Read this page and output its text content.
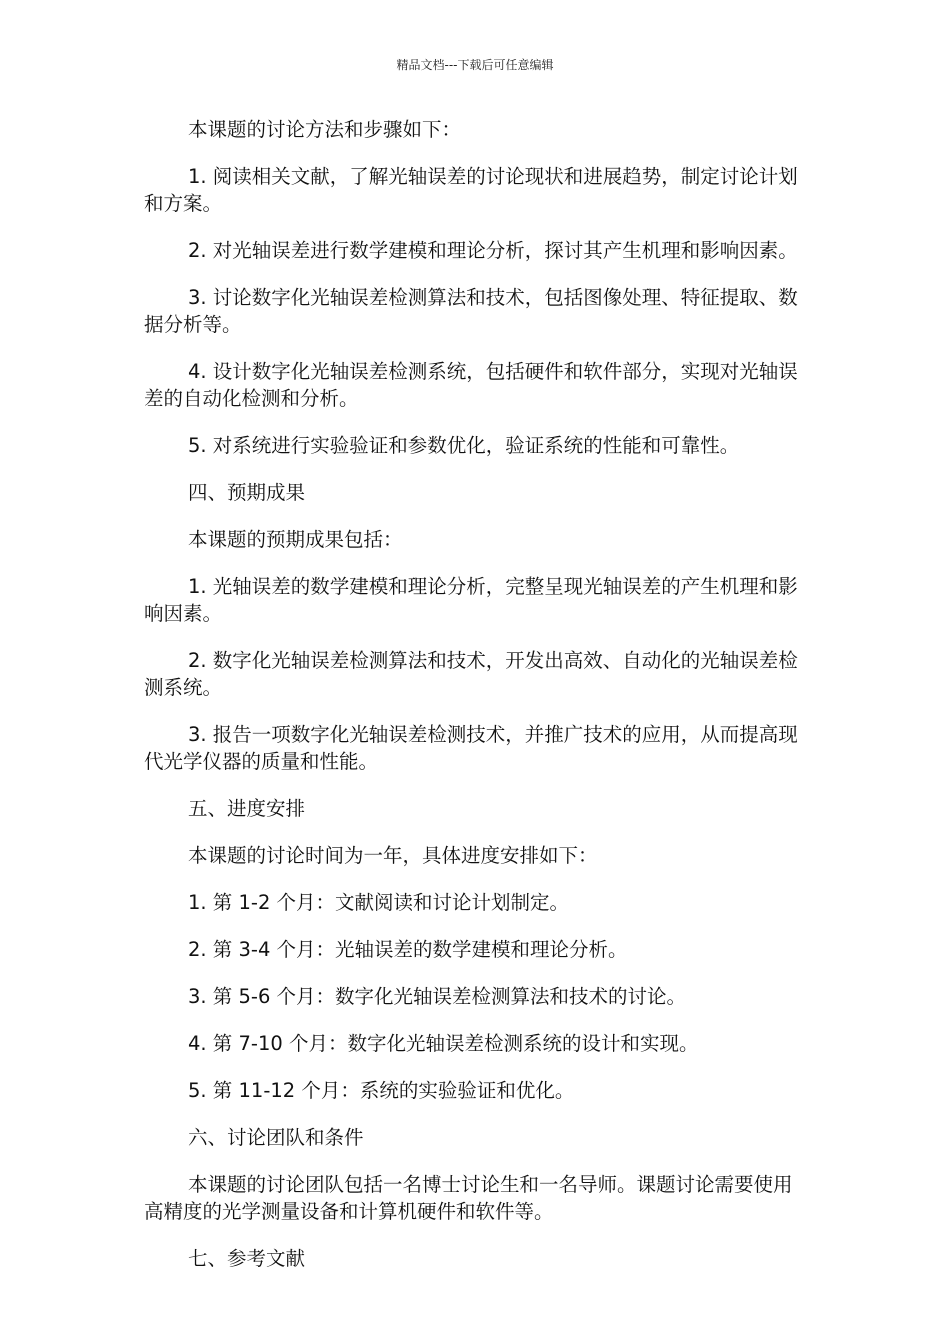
精品文档---下载后可任意编辑

本课题的讨论方法和步骤如下：

1. 阅读相关文献，了解光轴误差的讨论现状和进展趋势，制定讨论计划和方案。

2. 对光轴误差进行数学建模和理论分析，探讨其产生机理和影响因素。

3. 讨论数字化光轴误差检测算法和技术，包括图像处理、特征提取、数据分析等。

4. 设计数字化光轴误差检测系统，包括硬件和软件部分，实现对光轴误差的自动化检测和分析。

5. 对系统进行实验验证和参数优化，验证系统的性能和可靠性。

四、预期成果

本课题的预期成果包括：

1. 光轴误差的数学建模和理论分析，完整呈现光轴误差的产生机理和影响因素。

2. 数字化光轴误差检测算法和技术，开发出高效、自动化的光轴误差检测系统。

3. 报告一项数字化光轴误差检测技术，并推广技术的应用，从而提高现代光学仪器的质量和性能。

五、进度安排

本课题的讨论时间为一年，具体进度安排如下：

1. 第 1-2 个月：文献阅读和讨论计划制定。

2. 第 3-4 个月：光轴误差的数学建模和理论分析。

3. 第 5-6 个月：数字化光轴误差检测算法和技术的讨论。

4. 第 7-10 个月：数字化光轴误差检测系统的设计和实现。

5. 第 11-12 个月：系统的实验验证和优化。

六、讨论团队和条件

本课题的讨论团队包括一名博士讨论生和一名导师。课题讨论需要使用高精度的光学测量设备和计算机硬件和软件等。

七、参考文献
